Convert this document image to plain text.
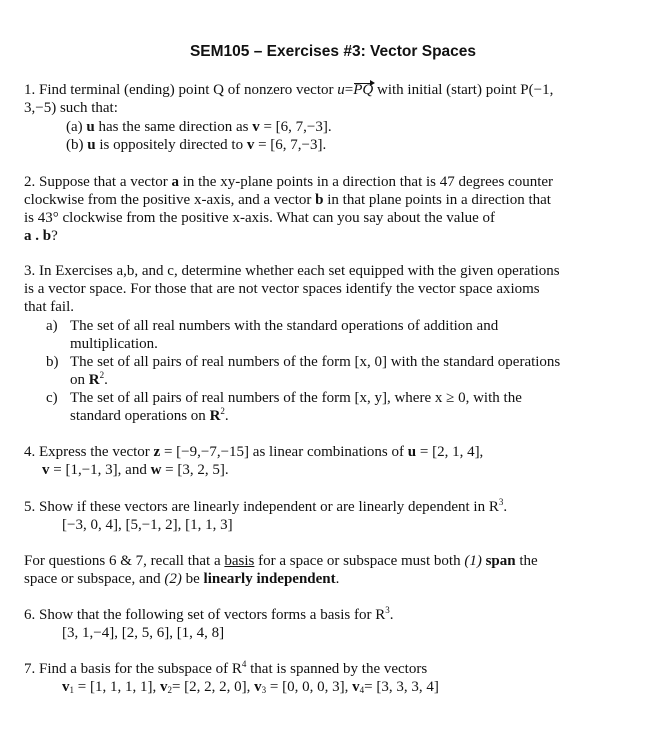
SEM105 – Exercises #3: Vector Spaces
1. Find terminal (ending) point Q of nonzero vector u=PQ with initial (start) point P(−1,
3,−5) such that:
(a) u has the same direction as v = [6, 7,−3].
(b) u is oppositely directed to v = [6, 7,−3].
2. Suppose that a vector a in the xy-plane points in a direction that is 47 degrees counter
clockwise from the positive x-axis, and a vector b in that plane points in a direction that
is 43° clockwise from the positive x-axis. What can you say about the value of
a . b?
3. In Exercises a,b, and c, determine whether each set equipped with the given operations
is a vector space. For those that are not vector spaces identify the vector space axioms
that fail.
a) The set of all real numbers with the standard operations of addition and
multiplication.
b) The set of all pairs of real numbers of the form [x, 0] with the standard operations
on $R^2$.
c) The set of all pairs of real numbers of the form [x, y], where x ≥ 0, with the
standard operations on $R^2$.
4. Express the vector z = [−9,−7,−15] as linear combinations of u = [2, 1, 4],
v = [1,−1, 3], and w = [3, 2, 5].
5. Show if these vectors are linearly independent or are linearly dependent in $R^3$.
[−3, 0, 4], [5,−1, 2], [1, 1, 3]
For questions 6 & 7, recall that a basis for a space or subspace must both (1) span the
space or subspace, and (2) be linearly independent.
6. Show that the following set of vectors forms a basis for $R^3$.
[3, 1,−4], [2, 5, 6], [1, 4, 8]
7. Find a basis for the subspace of $R^4$ that is spanned by the vectors
$v_1 = [1$, 1, 1, 1], $v_2= [2$, 2, 2, 0], $v_3 = [0$, 0, 0, 3], $v_4= [3$, 3, 3, 4]
